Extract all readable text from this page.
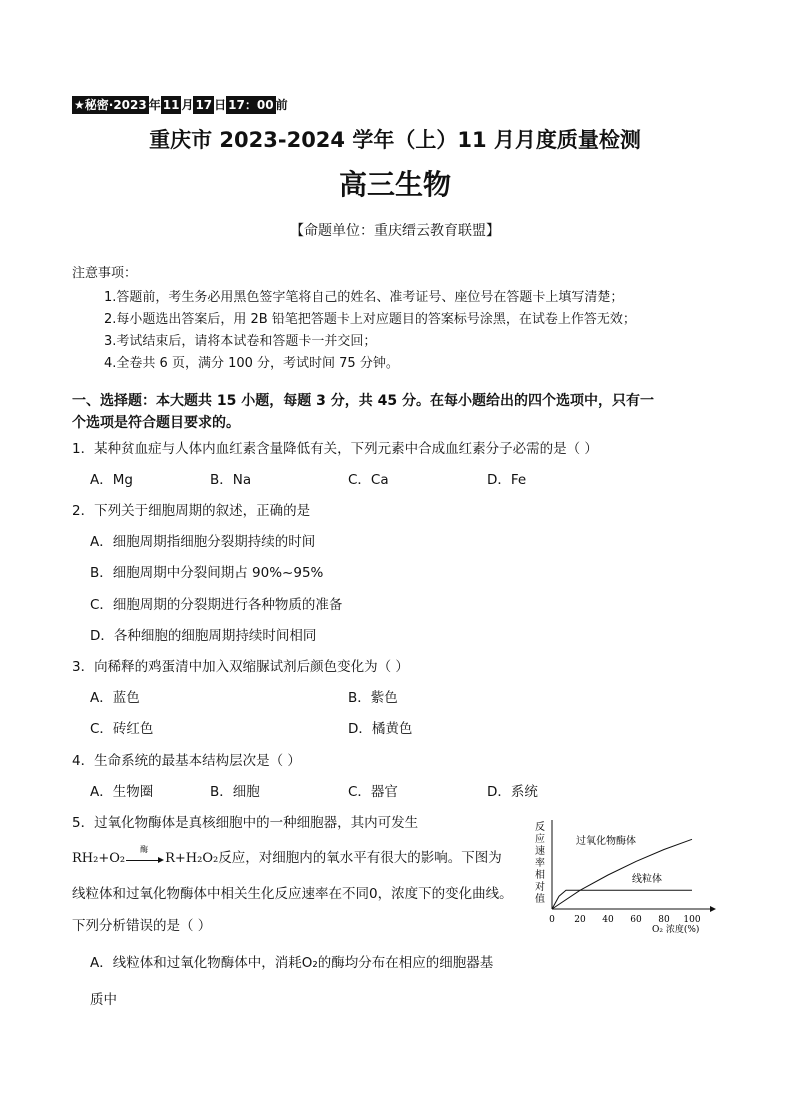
★秘密·2023 年 11 月 17 日 17：00 前
重庆市 2023-2024 学年（上）11 月月度质量检测
高三生物
【命题单位：重庆缙云教育联盟】
注意事项：
1.答题前，考生务必用黑色签字笔将自己的姓名、准考证号、座位号在答题卡上填写清楚；
2.每小题选出答案后，用 2B 铅笔把答题卡上对应题目的答案标号涂黑，在试卷上作答无效；
3.考试结束后，请将本试卷和答题卡一并交回；
4.全卷共 6 页，满分 100 分，考试时间 75 分钟。
一、选择题：本大题共 15 小题，每题 3 分，共 45 分。在每小题给出的四个选项中，只有一
个选项是符合题目要求的。
1．某种贫血症与人体内血红素含量降低有关，下列元素中合成血红素分子必需的是（ ）
A．Mg	B．Na	C．Ca	D．Fe
2．下列关于细胞周期的叙述，正确的是
A．细胞周期指细胞分裂期持续的时间
B．细胞周期中分裂间期占 90%~95%
C．细胞周期的分裂期进行各种物质的准备
D．各种细胞的细胞周期持续时间相同
3．向稀释的鸡蛋清中加入双缩脲试剂后颜色变化为（ ）
A．蓝色	B．紫色
C．砖红色	D．橘黄色
4．生命系统的最基本结构层次是（ ）
A．生物圈	B．细胞	C．器官	D．系统
5．过氧化物酶体是真核细胞中的一种细胞器，其内可发生
RH₂+O₂
酶
R+H₂O₂ 反应，对细胞内的氧水平有很大的影响。下图为
线粒体和过氧化物酶体中相关生化反应速率在不同0，浓度下的变化曲线。
下列分析错误的是（ ）
A．线粒体和过氧化物酶体中，消耗O₂的酶均分布在相应的细胞器基
质中
反
应
速
率
相
对
值
0 20 40 60 80 100
过氧化物酶体
线粒体
O₂ 浓度(%)
